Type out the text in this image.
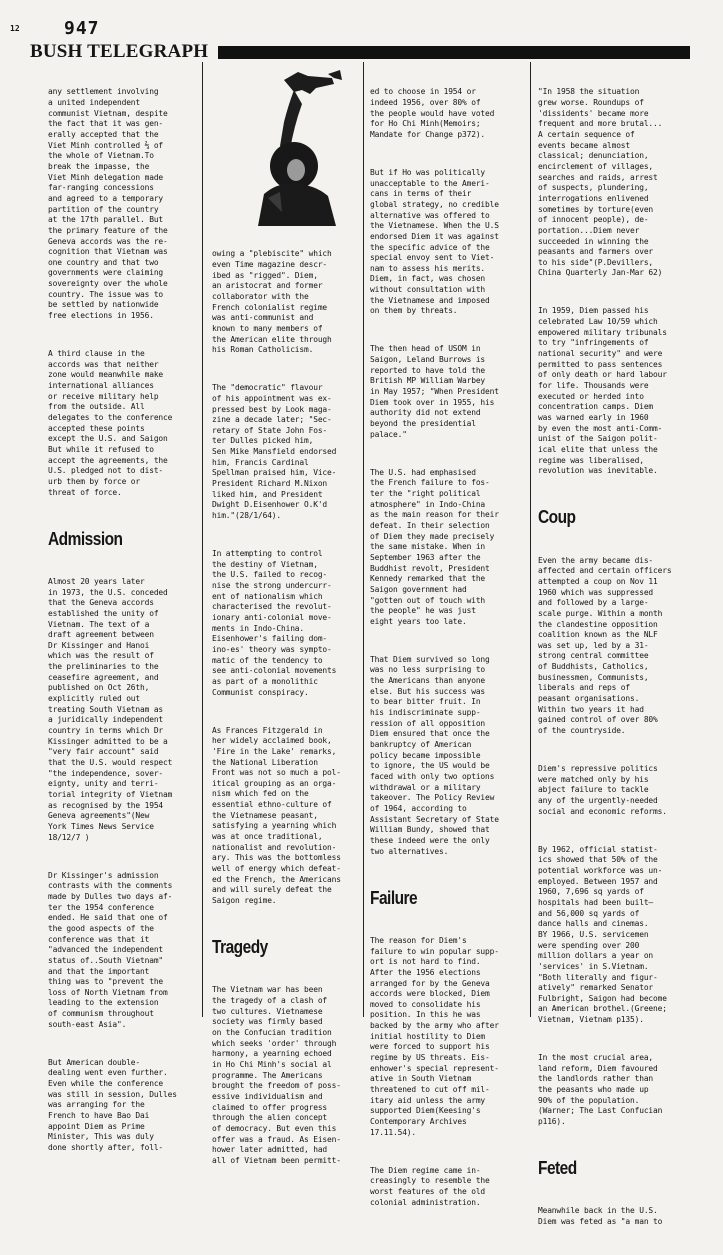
12 947
BUSH TELEGRAPH

any settlement involving
a united independent
communist Vietnam, despite
the fact that it was gen-
erally accepted that the
Viet Minh controlled ⅔ of
the whole of Vietnam.To
break the impasse, the
Viet Minh delegation made
far-ranging concessions
and agreed to a temporary
partition of the country
at the 17th parallel. But
the primary feature of the
Geneva accords was the re-
cognition that Vietnam was
one country and that two
governments were claiming
sovereignty over the whole
country. The issue was to
be settled by nationwide
free elections in 1956.

A third clause in the
accords was that neither
zone would meanwhile make
international alliances
or receive military help
from the outside. All
delegates to the conference
accepted these points
except the U.S. and Saigon
But while it refused to
accept the agreements, the
U.S. pledged not to dist-
urb them by force or
threat of force.

Admission

Almost 20 years later
in 1973, the U.S. conceded
that the Geneva accords
established the unity of
Vietnam. The text of a
draft agreement between
Dr Kissinger and Hanoi
which was the result of
the preliminaries to the
ceasefire agreement, and
published on Oct 26th,
explicitly ruled out
treating South Vietnam as
a juridically independent
country in terms which Dr
Kissinger admitted to be a
"very fair account" said
that the U.S. would respect
"the independence, sover-
eignty, unity and terri-
torial integrity of Vietnam
as recognised by the 1954
Geneva agreements"(New
York Times News Service
18/12/7 )

Dr Kissinger's admission
contrasts with the comments
made by Dulles two days af-
ter the 1954 conference
ended. He said that one of
the good aspects of the
conference was that it
"advanced the independent
status of..South Vietnam"
and that the important
thing was to "prevent the
loss of North Vietnam from
leading to the extension
of communism throughout
south-east Asia".

But American double-
dealing went even further.
Even while the conference
was still in session, Dulles
was arranging for the
French to have Bao Dai
appoint Diem as Prime
Minister, This was duly
done shortly after, foll-

owing a "plebiscite" which
even Time magazine descr-
ibed as "rigged". Diem,
an aristocrat and former
collaborator with the
French colonialist regime
was anti-communist and
known to many members of
the American elite through
his Roman Catholicism.

The "democratic" flavour
of his appointment was ex-
pressed best by Look maga-
zine a decade later; "Sec-
retary of State John Fos-
ter Dulles picked him,
Sen Mike Mansfield endorsed
him, Francis Cardinal
Spellman praised him, Vice-
President Richard M.Nixon
liked him, and President
Dwight D.Eisenhower O.K'd
him."(28/1/64).

In attempting to control
the destiny of Vietnam,
the U.S. failed to recog-
nise the strong undercurr-
ent of nationalism which
characterised the revolut-
ionary anti-colonial move-
ments in Indo-China.
Eisenhower's failing dom-
ino-es' theory was sympto-
matic of the tendency to
see anti-colonial movements
as part of a monolithic
Communist conspiracy.

As Frances Fitzgerald in
her widely acclaimed book,
'Fire in the Lake' remarks,
the National Liberation
Front was not so much a pol-
itical grouping as an orga-
nism which fed on the
essential ethno-culture of
the Vietnamese peasant,
satisfying a yearning which
was at once traditional,
nationalist and revolution-
ary. This was the bottomless
well of energy which defeat-
ed the French, the Americans
and will surely defeat the
Saigon regime.

Tragedy

The Vietnam war has been
the tragedy of a clash of
two cultures. Vietnamese
society was firmly based
on the Confucian tradition
which seeks 'order' through
harmony, a yearning echoed
in Ho Chi Minh's social al
programme. The Americans
brought the freedom of poss-
essive individualism and
claimed to offer progress
through the alien concept
of democracy. But even this
offer was a fraud. As Eisen-
hower later admitted, had
all of Vietnam been permitt-

ed to choose in 1954 or
indeed 1956, over 80% of
the people would have voted
for Ho Chi Minh(Memoirs;
Mandate for Change p372).

But if Ho was politically
unacceptable to the Ameri-
cans in terms of their
global strategy, no credible
alternative was offered to
the Vietnamese. When the U.S
endorsed Diem it was against
the specific advice of the
special envoy sent to Viet-
nam to assess his merits.
Diem, in fact, was chosen
without consultation with
the Vietnamese and imposed
on them by threats.

The then head of USOM in
Saigon, Leland Burrows is
reported to have told the
British MP William Warbey
in May 1957; "When President
Diem took over in 1955, his
authority did not extend
beyond the presidential
palace."

The U.S. had emphasised
the French failure to fos-
ter the "right political
atmosphere" in Indo-China
as the main reason for their
defeat. In their selection
of Diem they made precisely
the same mistake. When in
September 1963 after the
Buddhist revolt, President
Kennedy remarked that the
Saigon government had
"gotten out of touch with
the people" he was just
eight years too late.

That Diem survived so long
was no less surprising to
the Americans than anyone
else. But his success was
to bear bitter fruit. In
his indiscriminate supp-
ression of all opposition
Diem ensured that once the
bankruptcy of American
policy became impossible
to ignore, the US would be
faced with only two options
withdrawal or a military
takeover. The Policy Review
of 1964, according to
Assistant Secretary of State
William Bundy, showed that
these indeed were the only
two alternatives.

Failure

The reason for Diem's
failure to win popular supp-
ort is not hard to find.
After the 1956 elections
arranged for by the Geneva
accords were blocked, Diem
moved to consolidate his
position. In this he was
backed by the army who after
initial hostility to Diem
were forced to support his
regime by US threats. Eis-
enhower's special represent-
ative in South Vietnam
threatened to cut off mil-
itary aid unless the army
supported Diem(Keesing's
Contemporary Archives
17.11.54).

The Diem regime came in-
creasingly to resemble the
worst features of the old
colonial administration.

"In 1958 the situation
grew worse. Roundups of
'dissidents' became more
frequent and more brutal...
A certain sequence of
events became almost
classical; denunciation,
encirclement of villages,
searches and raids, arrest
of suspects, plundering,
interrogations enlivened
sometimes by torture(even
of innocent people), de-
portation...Diem never
succeeded in winning the
peasants and farmers over
to his side"(P.Devillers,
China Quarterly Jan-Mar 62)

In 1959, Diem passed his
celebrated Law 10/59 which
empowered military tribunals
to try "infringements of
national security" and were
permitted to pass sentences
of only death or hard labour
for life. Thousands were
executed or herded into
concentration camps. Diem
was warned early in 1960
by even the most anti-Comm-
unist of the Saigon polit-
ical elite that unless the
regime was liberalised,
revolution was inevitable.

Coup

Even the army became dis-
affected and certain officers
attempted a coup on Nov 11
1960 which was suppressed
and followed by a large-
scale purge. Within a month
the clandestine opposition
coalition known as the NLF
was set up, led by a 31-
strong central committee
of Buddhists, Catholics,
businessmen, Communists,
liberals and reps of
peasant organisations.
Within two years it had
gained control of over 80%
of the countryside.

Diem's repressive politics
were matched only by his
abject failure to tackle
any of the urgently-needed
social and economic reforms.

By 1962, official statist-
ics showed that 50% of the
potential workforce was un-
employed. Between 1957 and
1960, 7,696 sq yards of
hospitals had been built—
and 56,000 sq yards of
dance halls and cinemas.
BY 1966, U.S. servicemen
were spending over 200
million dollars a year on
'services' in S.Vietnam.
"Both literally and figur-
atively" remarked Senator
Fulbright, Saigon had become
an American brothel.(Greene;
Vietnam, Vietnam p135).

In the most crucial area,
land reform, Diem favoured
the landlords rather than
the peasants who made up
90% of the population.
(Warner; The Last Confucian
p116).

Feted

Meanwhile back in the U.S.
Diem was feted as "a man to
